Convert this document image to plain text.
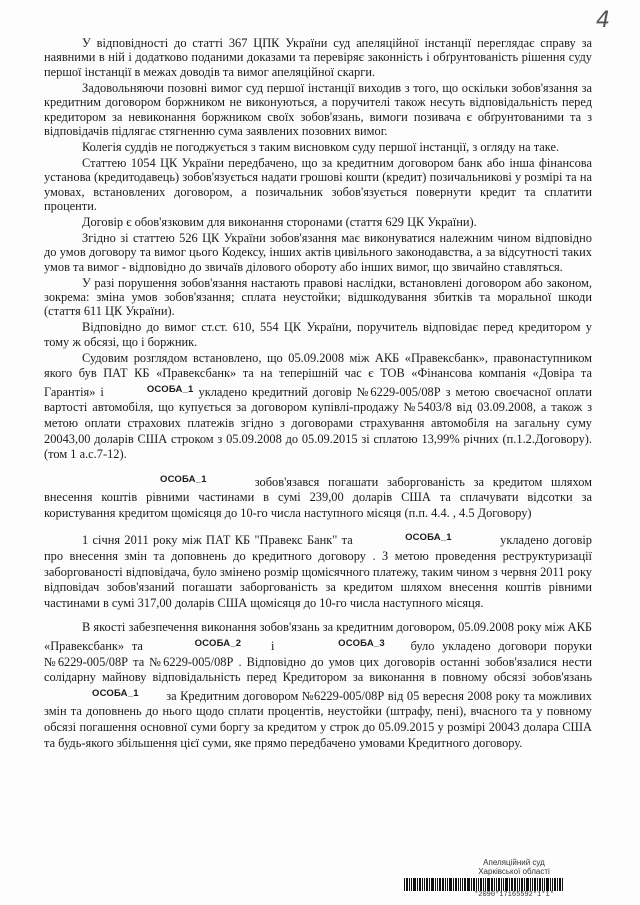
4

У відповідності до статті 367 ЦПК України суд апеляційної інстанції переглядає справу за наявними в ній і додатково поданими доказами та перевіряє законність і обґрунтованість рішення суду першої інстанції в межах доводів та вимог апеляційної скарги.

Задовольняючи позовні вимог суд першої інстанції виходив з того, що оскільки зобов'язання за кредитним договором боржником не виконуються, а поручителі також несуть відповідальність перед кредитором за невиконання боржником своїх зобов'язань, вимоги позивача є обґрунтованими та з відповідачів підлягає стягненню сума заявлених позовних вимог.

Колегія суддів не погоджується з таким висновком суду першої інстанції, з огляду на таке.

Статтею 1054 ЦК України передбачено, що за кредитним договором банк або інша фінансова установа (кредитодавець) зобов'язується надати грошові кошти (кредит) позичальникові у розмірі та на умовах, встановлених договором, а позичальник зобов'язується повернути кредит та сплатити проценти.

Договір є обов'язковим для виконання сторонами (стаття 629 ЦК України).

Згідно зі статтею 526 ЦК України зобов'язання має виконуватися належним чином відповідно до умов договору та вимог цього Кодексу, інших актів цивільного законодавства, а за відсутності таких умов та вимог - відповідно до звичаїв ділового обороту або інших вимог, що звичайно ставляться.

У разі порушення зобов'язання настають правові наслідки, встановлені договором або законом, зокрема: зміна умов зобов'язання; сплата неустойки; відшкодування збитків та моральної шкоди (стаття 611 ЦК України).

Відповідно до вимог ст.ст. 610, 554 ЦК України, поручитель відповідає перед кредитором у тому ж обсязі, що і боржник.

Судовим розглядом встановлено, що 05.09.2008 між АКБ «Правексбанк», правонаступником якого був ПАТ КБ «Правексбанк» та на теперішній час є ТОВ «Фінансова компанія «Довіра та Гарантія» і	ОСОБА_1 укладено кредитний договір №6229-005/08Р з метою своєчасної оплати вартості автомобіля, що купується за договором купівлі-продажу №5403/8 від 03.09.2008, а також з метою оплати страхових платежів згідно з договорами страхування автомобіля на загальну суму 20043,00 доларів США строком з 05.09.2008 до 05.09.2015 зі сплатою 13,99% річних (п.1.2.Договору). (том 1 а.с.7-12).

ОСОБА_1	зобов'язався погашати заборгованість за кредитом шляхом внесення коштів рівними частинами в сумі 239,00 доларів США та сплачувати відсотки за користування кредитом щомісяця до 10-го числа наступного місяця (п.п. 4.4. , 4.5 Договору)

1 січня 2011 року між ПАТ КБ "Правекс Банк" та	ОСОБА_1	укладено договір про внесення змін та доповнень до кредитного договору . З метою проведення реструктуризації заборгованості відповідача, було змінено розмір щомісячного платежу, таким чином з червня 2011 року відповідач зобов'язаний погашати заборгованість за кредитом шляхом внесення коштів рівними частинами в сумі 317,00 доларів США щомісяця до 10-го числа наступного місяця.

В якості забезпечення виконання зобов'язань за кредитним договором, 05.09.2008 року між АКБ «Правексбанк» та	ОСОБА_2 і	ОСОБА_3 було укладено договори поруки №6229-005/08Р та №6229-005/08Р . Відповідно до умов цих договорів останні зобов'язалися нести солідарну майнову відповідальність перед Кредитором за виконання в повному обсязі зобов'язань ОСОБА_1 за Кредитним договором №6229-005/08Р від 05 вересня 2008 року та можливих змін та доповнень до нього щодо сплати процентів, неустойки (штрафу, пені), вчасного та у повному обсязі погашення основної суми боргу за кредитом у строк до 05.09.2015 у розмірі 20043 долара США та будь-якого збільшення цієї суми, яке прямо передбачено умовами Кредитного договору.

Апеляційний суд
Харківської області
*2090*17165592*1*1*
